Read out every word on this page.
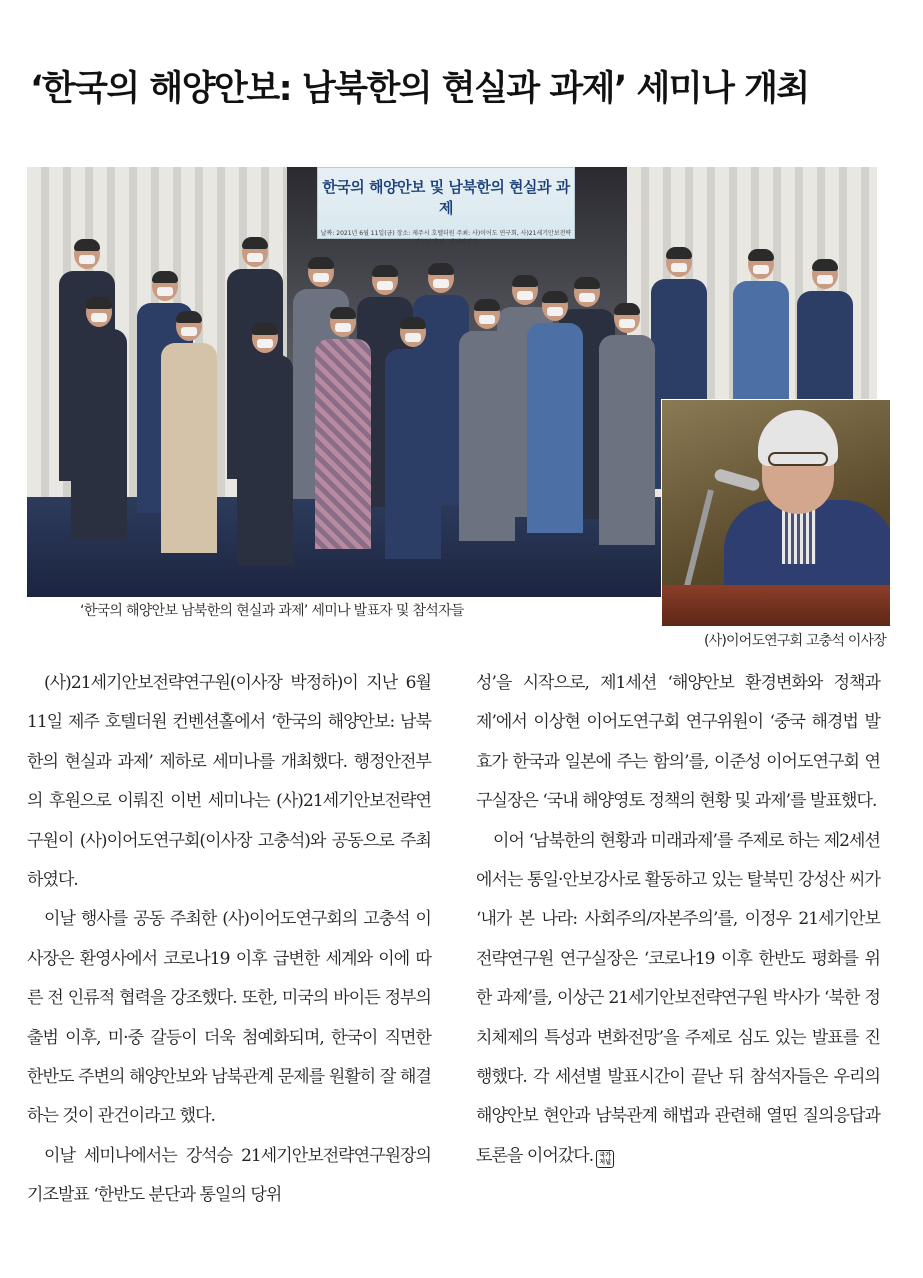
‘한국의 해양안보: 남북한의 현실과 과제’ 세미나 개최
한국의 해양안보 및 남북한의 현실과 과제
날짜: 2021년 6월 11일(금) 장소: 제주시 호텔더원 주최: 사)이어도 연구회, 사)21세기안보전략연구원 후원: 행정안전부
‘한국의 해양안보 남북한의 현실과 과제’ 세미나 발표자 및 참석자들
(사)이어도연구회 고충석 이사장

(사)21세기안보전략연구원(이사장 박정하)이 지난 6월 11일 제주 호텔더원 컨벤션홀에서 ‘한국의 해양안보: 남북한의 현실과 과제’ 제하로 세미나를 개최했다. 행정안전부의 후원으로 이뤄진 이번 세미나는 (사)21세기안보전략연구원이 (사)이어도연구회(이사장 고충석)와 공동으로 주최하였다.

이날 행사를 공동 주최한 (사)이어도연구회의 고충석 이사장은 환영사에서 코로나19 이후 급변한 세계와 이에 따른 전 인류적 협력을 강조했다. 또한, 미국의 바이든 정부의 출범 이후, 미·중 갈등이 더욱 첨예화되며, 한국이 직면한 한반도 주변의 해양안보와 남북관계 문제를 원활히 잘 해결하는 것이 관건이라고 했다.

이날 세미나에서는 강석승 21세기안보전략연구원장의 기조발표 ‘한반도 분단과 통일의 당위

성’을 시작으로, 제1세션 ‘해양안보 환경변화와 정책과제’에서 이상현 이어도연구회 연구위원이 ‘중국 해경법 발효가 한국과 일본에 주는 함의’를, 이준성 이어도연구회 연구실장은 ‘국내 해양영토 정책의 현황 및 과제’를 발표했다.

이어 ‘남북한의 현황과 미래과제’를 주제로 하는 제2세션에서는 통일·안보강사로 활동하고 있는 탈북민 강성산 씨가 ‘내가 본 나라: 사회주의/자본주의’를, 이정우 21세기안보전략연구원 연구실장은 ‘코로나19 이후 한반도 평화를 위한 과제’를, 이상근 21세기안보전략연구원 박사가 ‘북한 정치체제의 특성과 변화전망’을 주제로 심도 있는 발표를 진행했다. 각 세션별 발표시간이 끝난 뒤 참석자들은 우리의 해양안보 현안과 남북관계 해법과 관련해 열띤 질의응답과 토론을 이어갔다. 국가 저널
